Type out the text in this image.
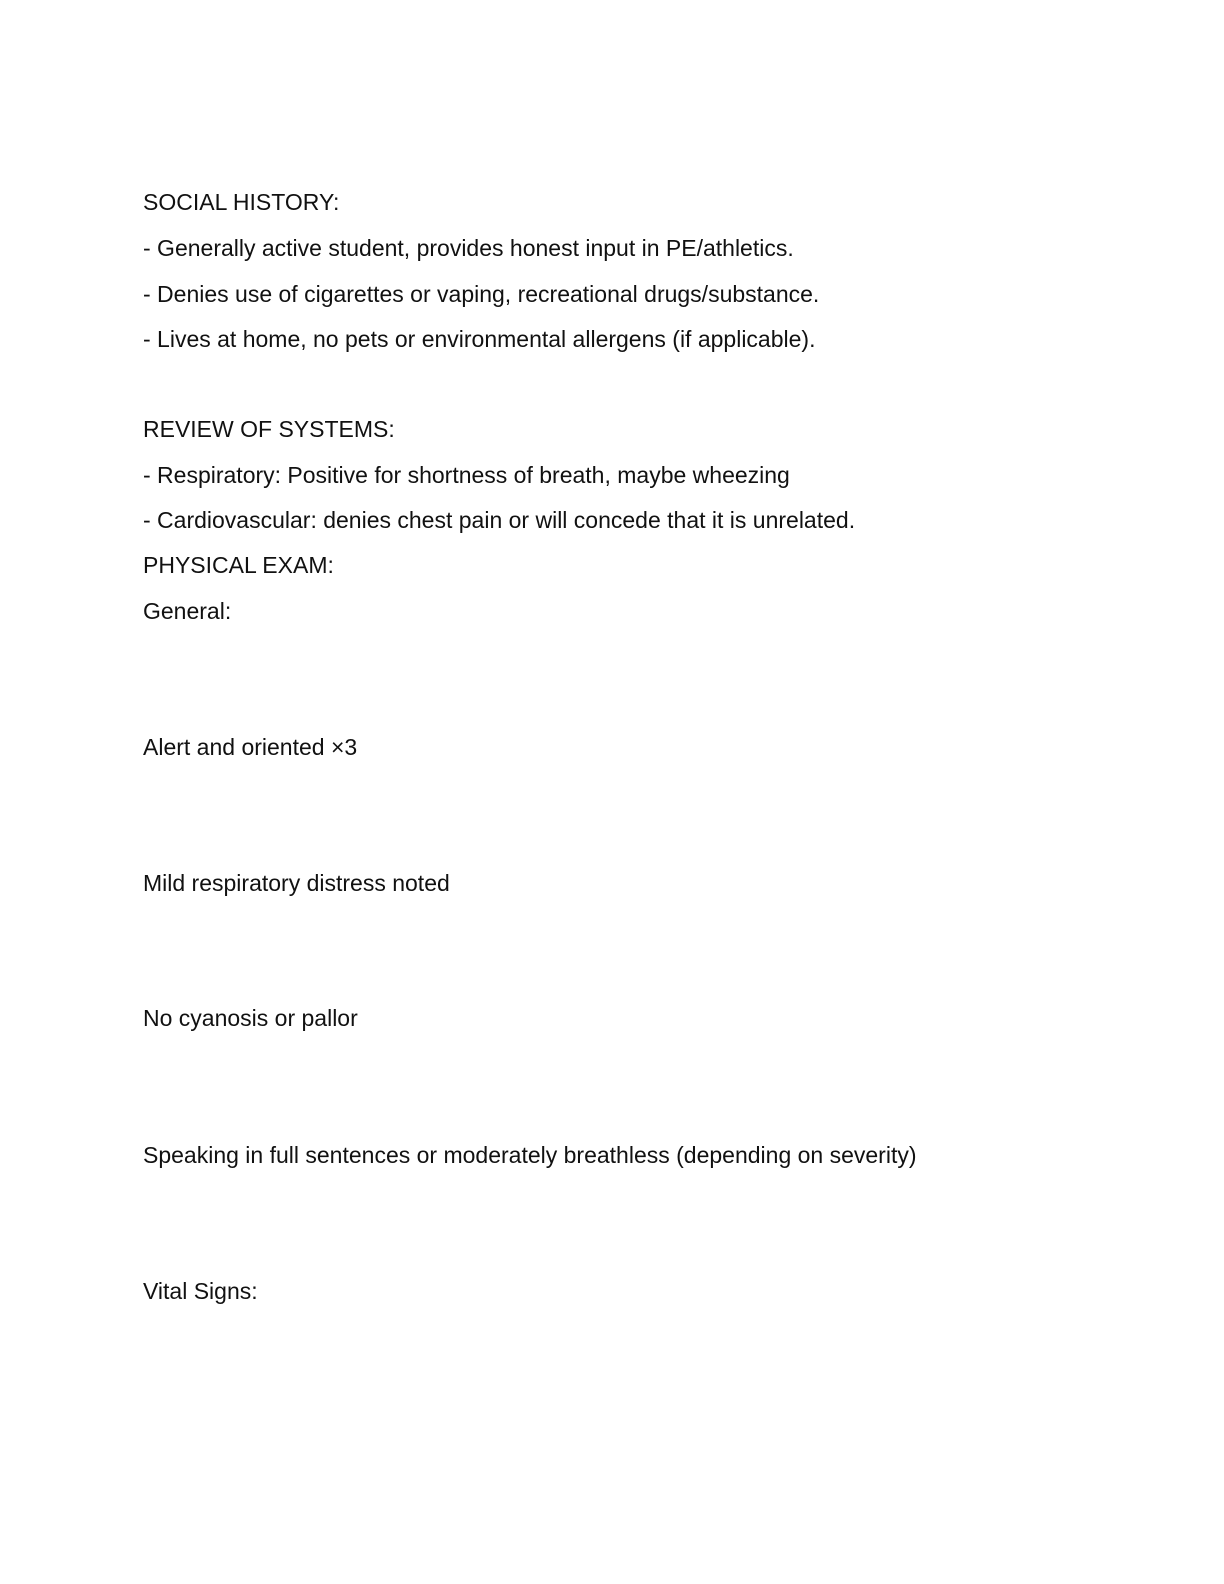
SOCIAL HISTORY:
- Generally active student, provides honest input in PE/athletics.
- Denies use of cigarettes or vaping, recreational drugs/substance.
- Lives at home, no pets or environmental allergens (if applicable).
REVIEW OF SYSTEMS:
- Respiratory: Positive for shortness of breath, maybe wheezing
- Cardiovascular: denies chest pain or will concede that it is unrelated.
PHYSICAL EXAM:
General:
Alert and oriented ×3
Mild respiratory distress noted
No cyanosis or pallor
Speaking in full sentences or moderately breathless (depending on severity)
Vital Signs:
